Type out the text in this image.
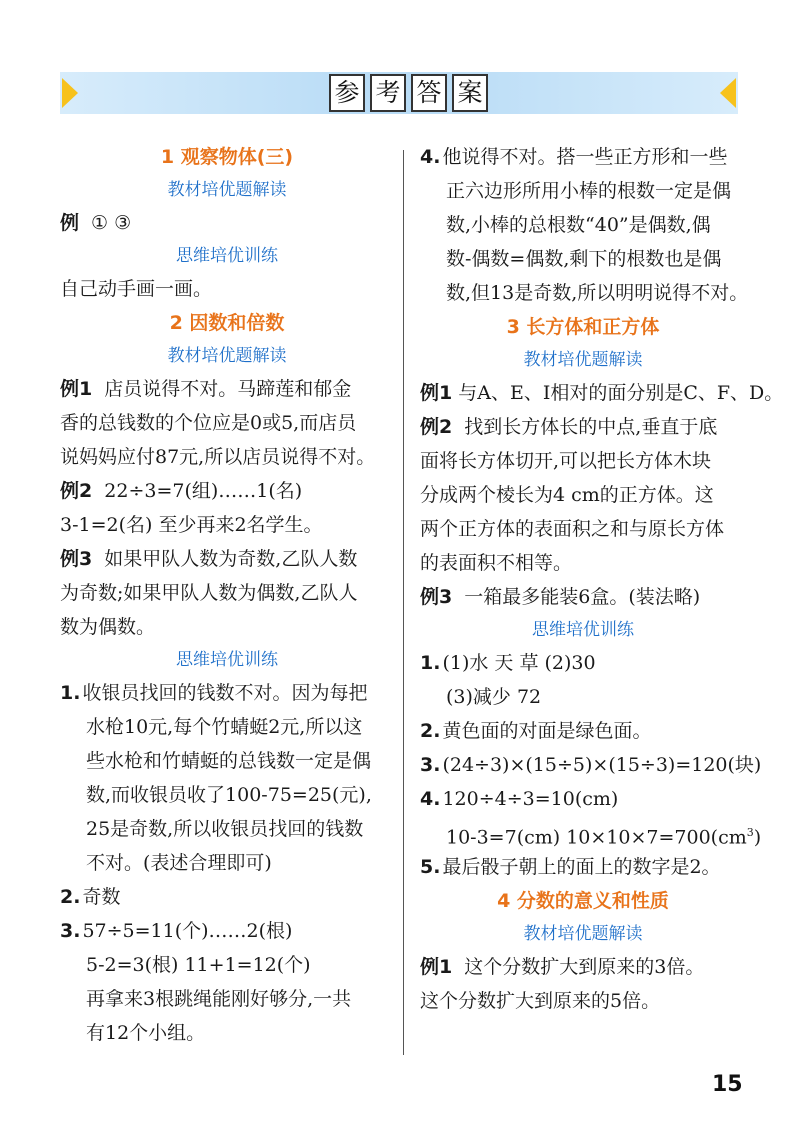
参 考 答 案
1 观察物体(三)
教材培优题解读
例 ① ③
思维培优训练
自己动手画一画。
2 因数和倍数
教材培优题解读
例1 店员说得不对。马蹄莲和郁金
香的总钱数的个位应是0或5,而店员
说妈妈应付87元,所以店员说得不对。
例2 22÷3=7(组)……1(名)
3-1=2(名) 至少再来2名学生。
例3 如果甲队人数为奇数,乙队人数
为奇数;如果甲队人数为偶数,乙队人
数为偶数。
思维培优训练
1. 收银员找回的钱数不对。因为每把
水枪10元,每个竹蜻蜓2元,所以这
些水枪和竹蜻蜓的总钱数一定是偶
数,而收银员收了100-75=25(元),
25是奇数,所以收银员找回的钱数
不对。(表述合理即可)
2. 奇数
3. 57÷5=11(个)……2(根)
5-2=3(根) 11+1=12(个)
再拿来3根跳绳能刚好够分,一共
有12个小组。
4. 他说得不对。搭一些正方形和一些
正六边形所用小棒的根数一定是偶
数,小棒的总根数“40”是偶数,偶
数-偶数=偶数,剩下的根数也是偶
数,但13是奇数,所以明明说得不对。
3 长方体和正方体
教材培优题解读
例1 与A、E、I相对的面分别是C、F、D。
例2 找到长方体长的中点,垂直于底
面将长方体切开,可以把长方体木块
分成两个棱长为4 cm的正方体。这
两个正方体的表面积之和与原长方体
的表面积不相等。
例3 一箱最多能装6盒。(装法略)
思维培优训练
1. (1)水 天 草 (2)30
(3)减少 72
2. 黄色面的对面是绿色面。
3. (24÷3)×(15÷5)×(15÷3)=120(块)
4. 120÷4÷3=10(cm)
10-3=7(cm) $10\times 10\times 7=700(cm^3)$
5. 最后骰子朝上的面上的数字是2。
4 分数的意义和性质
教材培优题解读
例1 这个分数扩大到原来的3倍。
这个分数扩大到原来的5倍。
15
